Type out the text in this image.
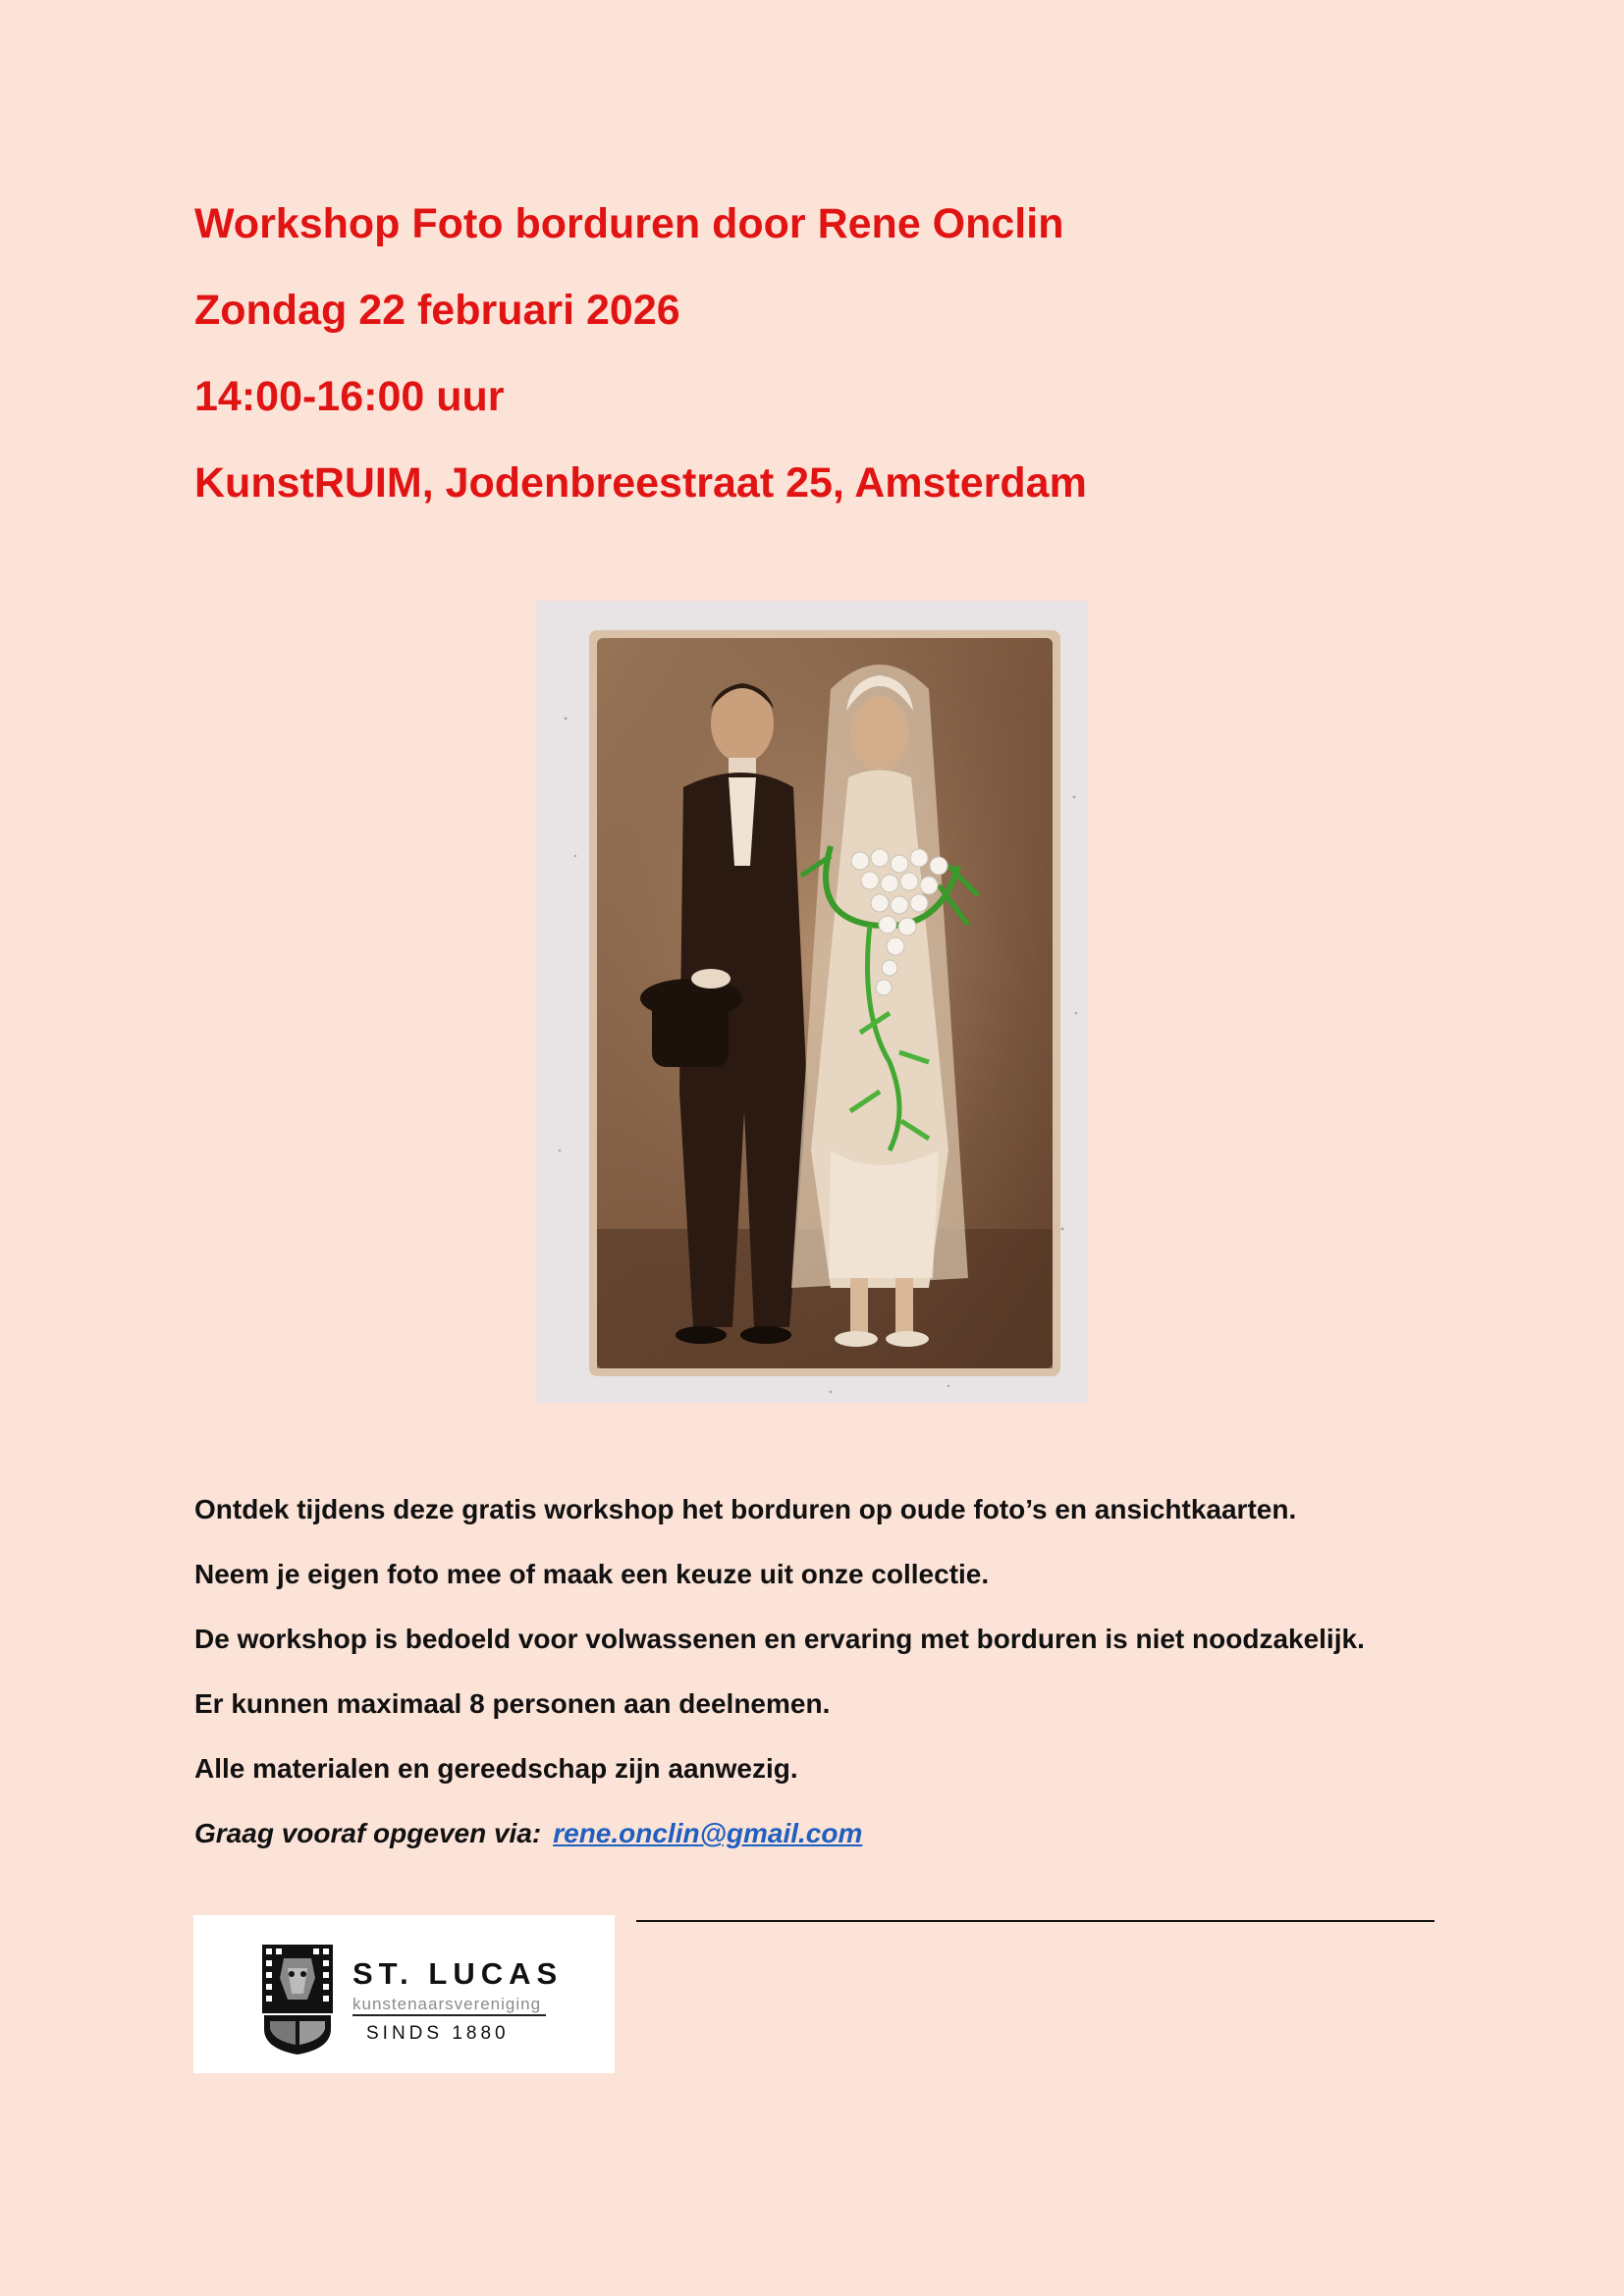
Workshop Foto borduren door Rene Onclin
Zondag 22 februari 2026
14:00-16:00 uur
KunstRUIM, Jodenbreestraat 25, Amsterdam

Ontdek tijdens deze gratis workshop het borduren op oude foto’s en ansichtkaarten.

Neem je eigen foto mee of maak een keuze uit onze collectie.

De workshop is bedoeld voor volwassenen en ervaring met borduren is niet noodzakelijk.

Er kunnen maximaal 8 personen aan deelnemen.

Alle materialen en gereedschap zijn aanwezig.

Graag vooraf opgeven via: rene.onclin@gmail.com

ST. LUCAS
kunstenaarsvereniging
SINDS 1880
